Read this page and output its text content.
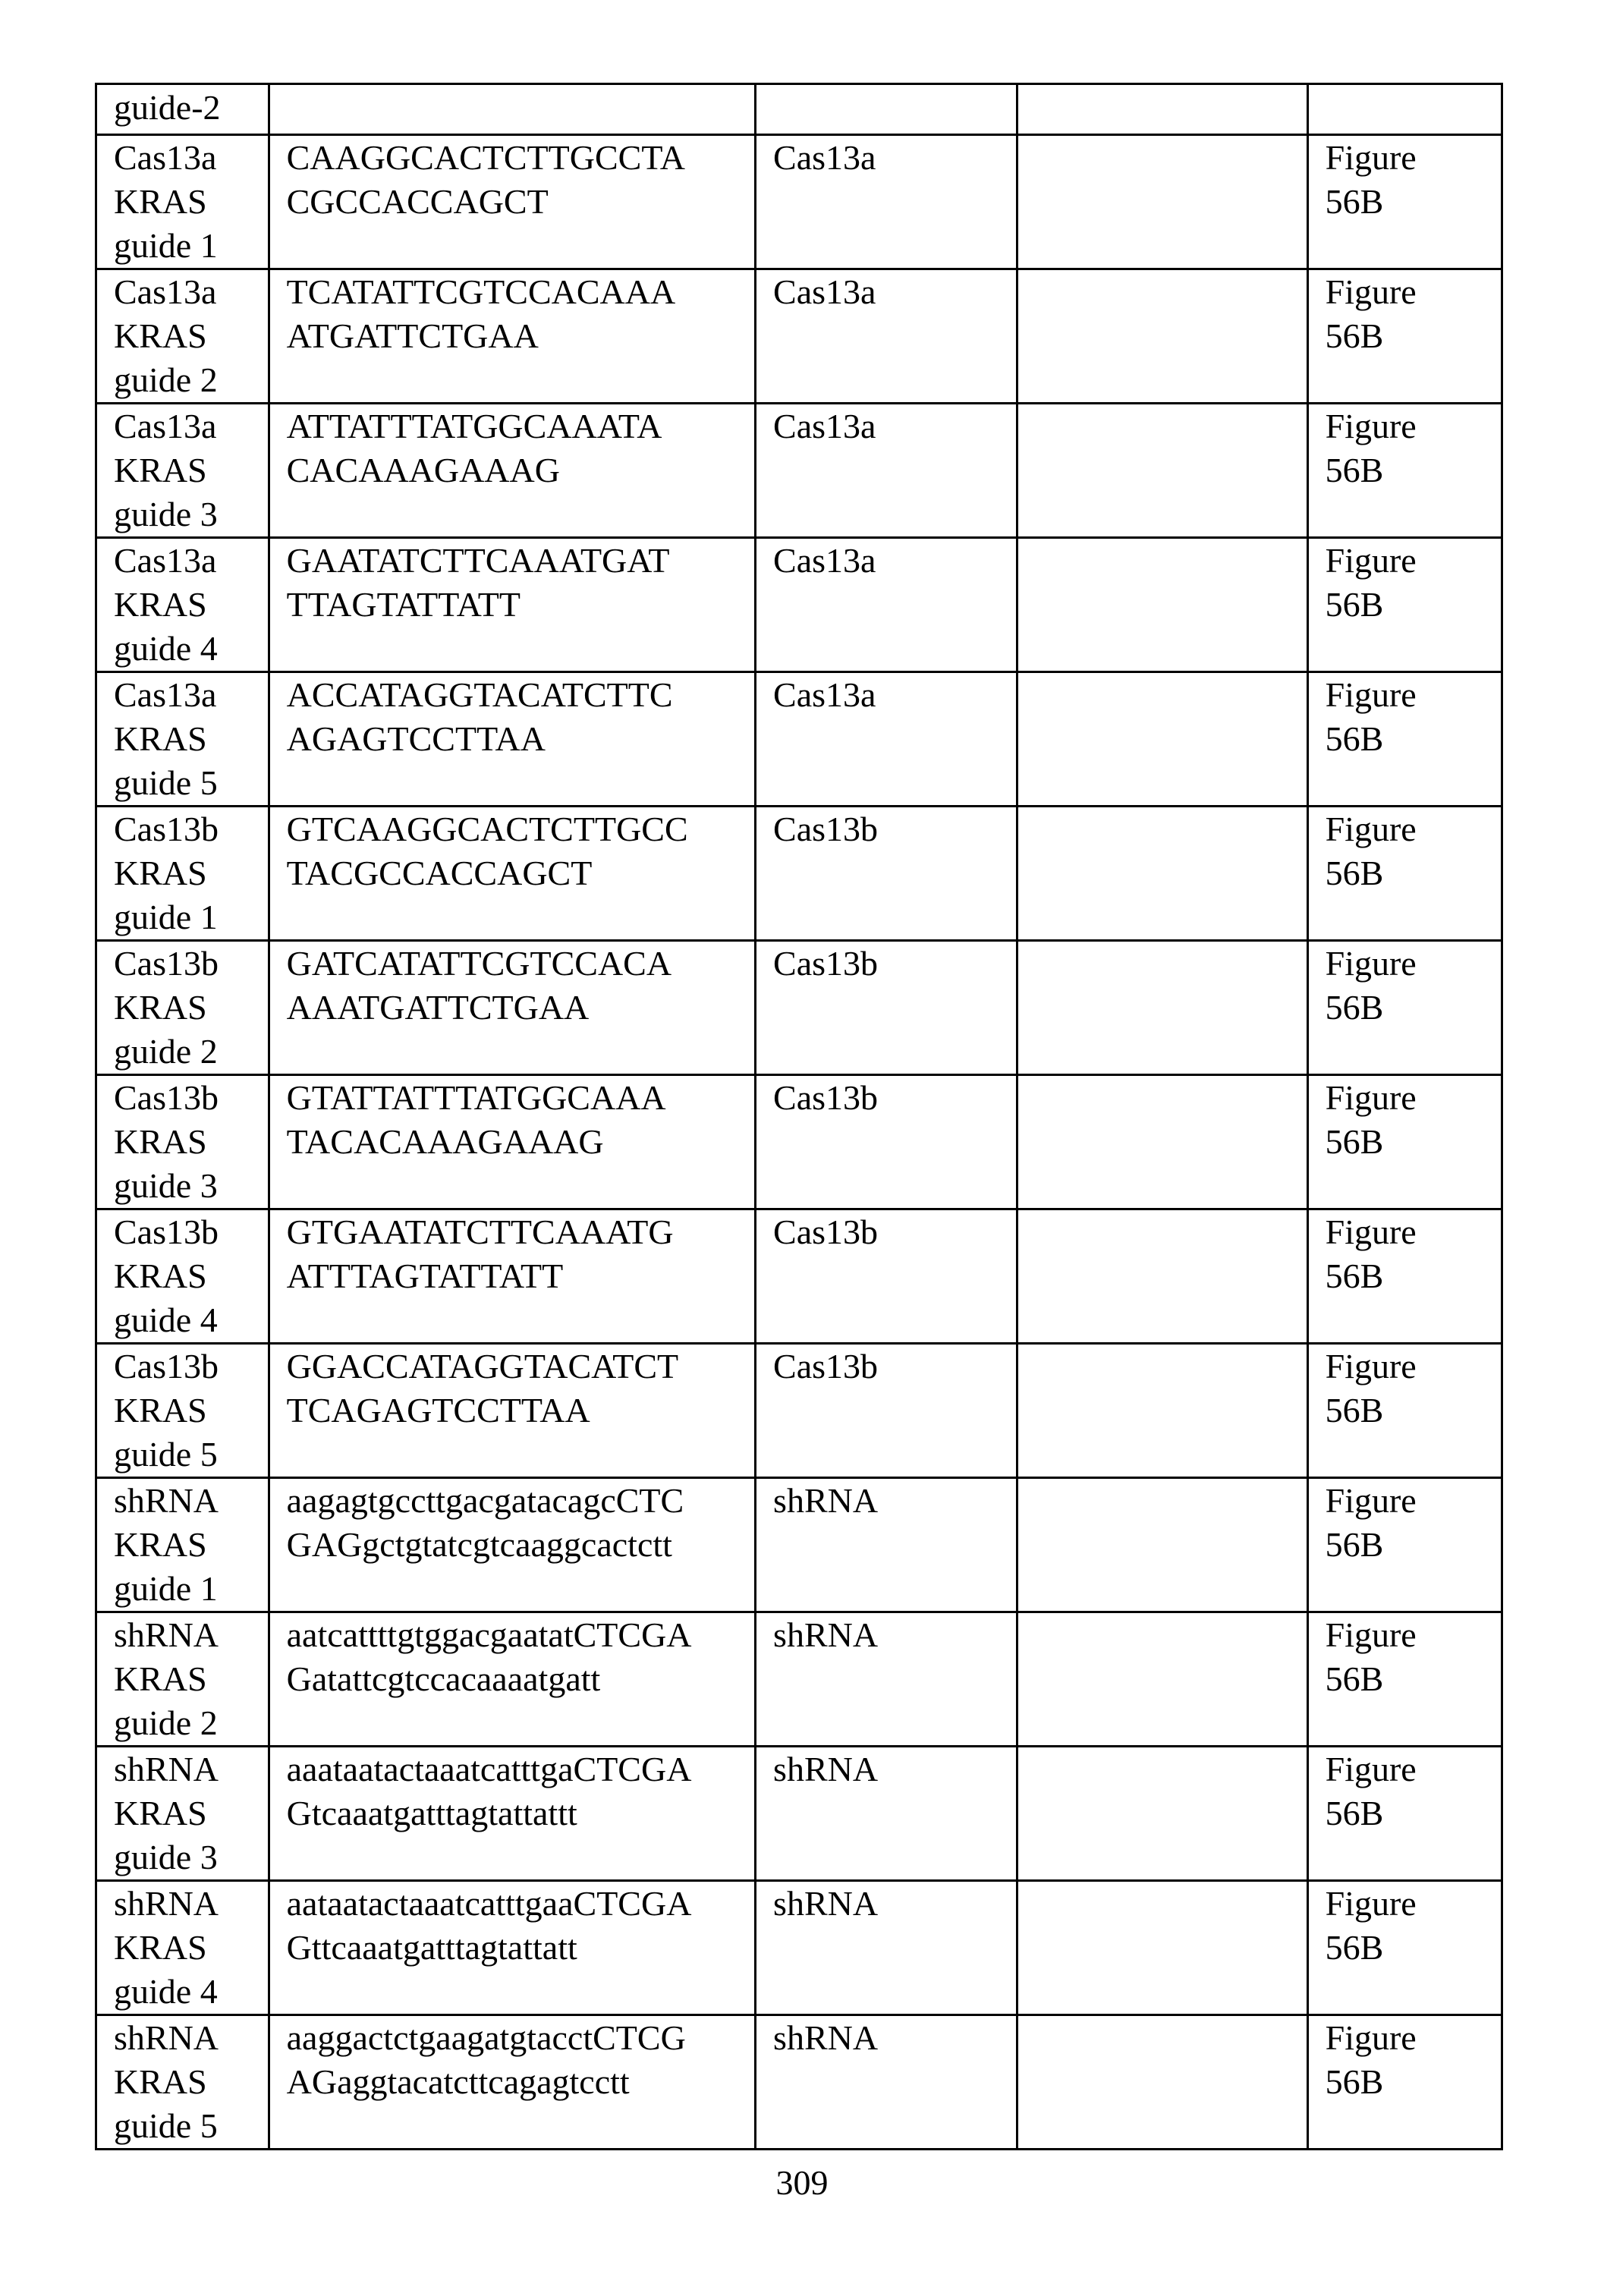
guide-2				
Cas13a
KRAS
guide 1	CAAGGCACTCTTGCCTA
CGCCACCAGCT	Cas13a		Figure
56B
Cas13a
KRAS
guide 2	TCATATTCGTCCACAAA
ATGATTCTGAA	Cas13a		Figure
56B
Cas13a
KRAS
guide 3	ATTATTTATGGCAAATA
CACAAAGAAAG	Cas13a		Figure
56B
Cas13a
KRAS
guide 4	GAATATCTTCAAATGAT
TTAGTATTATT	Cas13a		Figure
56B
Cas13a
KRAS
guide 5	ACCATAGGTACATCTTC
AGAGTCCTTAA	Cas13a		Figure
56B
Cas13b
KRAS
guide 1	GTCAAGGCACTCTTGCC
TACGCCACCAGCT	Cas13b		Figure
56B
Cas13b
KRAS
guide 2	GATCATATTCGTCCACA
AAATGATTCTGAA	Cas13b		Figure
56B
Cas13b
KRAS
guide 3	GTATTATTTATGGCAAA
TACACAAAGAAAG	Cas13b		Figure
56B
Cas13b
KRAS
guide 4	GTGAATATCTTCAAATG
ATTTAGTATTATT	Cas13b		Figure
56B
Cas13b
KRAS
guide 5	GGACCATAGGTACATCT
TCAGAGTCCTTAA	Cas13b		Figure
56B
shRNA
KRAS
guide 1	aagagtgccttgacgatacagcCTC
GAGgctgtatcgtcaaggcactctt	shRNA		Figure
56B
shRNA
KRAS
guide 2	aatcattttgtggacgaatatCTCGA
Gatattcgtccacaaaatgatt	shRNA		Figure
56B
shRNA
KRAS
guide 3	aaataatactaaatcatttgaCTCGA
Gtcaaatgatttagtattattt	shRNA		Figure
56B
shRNA
KRAS
guide 4	aataatactaaatcatttgaaCTCGA
Gttcaaatgatttagtattatt	shRNA		Figure
56B
shRNA
KRAS
guide 5	aaggactctgaagatgtacctCTCG
AGaggtacatcttcagagtcctt	shRNA		Figure
56B
309
